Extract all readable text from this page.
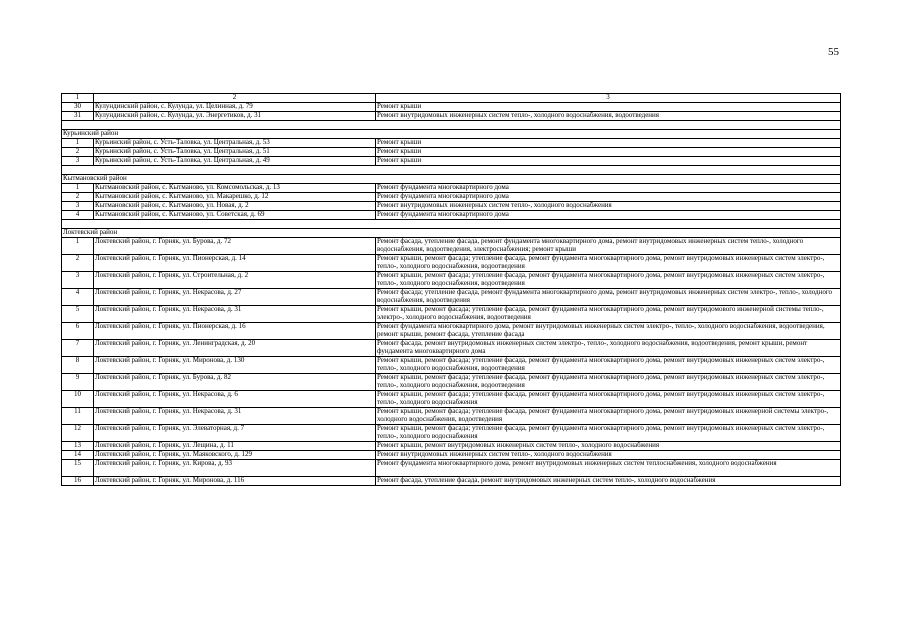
55
1	2	3
30	Кулундинский район, с. Кулунда, ул. Целинная, д. 79	Ремонт крыши
31	Кулундинский район, с. Кулунда, ул. Энергетиков, д. 31	Ремонт внутридомовых инженерных систем тепло-, холодного водоснабжения, водоотведения

Курьинский район		
1	Курьинский район, с. Усть-Таловка, ул. Центральная, д. 53	Ремонт крыши
2	Курьинский район, с. Усть-Таловка, ул. Центральная, д. 51	Ремонт крыши
3	Курьинский район, с. Усть-Таловка, ул. Центральная, д. 49	Ремонт крыши

Кытмановский район		
1	Кытмановский район, с. Кытманово, ул. Комсомольская, д. 13	Ремонт фундамента многоквартирного дома
2	Кытмановский район, с. Кытманово, ул. Макарешко, д. 12	Ремонт фундамента многоквартирного дома
3	Кытмановский район, с. Кытманово, ул. Новая, д. 2	Ремонт внутридомовых инженерных систем тепло-, холодного водоснабжения
4	Кытмановский район, с. Кытманово, ул. Советская, д. 69	Ремонт фундамента многоквартирного дома

Локтевский район		
1	Локтевский район, г. Горняк, ул. Бурова, д. 72	Ремонт фасада, утепление фасада, ремонт фундамента многоквартирного дома, ремонт внутридомовых инженерных систем тепло-, холодного водоснабжения, водоотведения, электроснабжения; ремонт крыши
2	Локтевский район, г. Горняк, ул. Пионерская, д. 14	Ремонт крыши, ремонт фасада; утепление фасада, ремонт фундамента многоквартирного дома, ремонт внутридомовых инженерных систем электро-, тепло-, холодного водоснабжения, водоотведения
3	Локтевский район, г. Горняк, ул. Строительная, д. 2	Ремонт крыши, ремонт фасада; утепление фасада, ремонт фундамента многоквартирного дома, ремонт внутридомовых инженерных систем электро-, тепло-, холодного водоснабжения, водоотведения
4	Локтевский район, г. Горняк, ул. Некрасова, д. 27	Ремонт фасада; утепление фасада, ремонт фундамента многоквартирного дома, ремонт внутридомовых инженерных систем электро-, тепло-, холодного водоснабжения, водоотведения
5	Локтевский район, г. Горняк, ул. Некрасова, д. 31	Ремонт крыши, ремонт фасада; утепление фасада, ремонт фундамента многоквартирного дома, ремонт внутридомового инженерной системы тепло-, электро-, холодного водоснабжения, водоотведения
6	Локтевский район, г. Горняк, ул. Пионерская, д. 16	Ремонт фундамента многоквартирного дома, ремонт внутридомовых инженерных систем электро-, тепло-, холодного водоснабжения, водоотведения, ремонт крыши, ремонт фасада, утепление фасада
7	Локтевский район, г. Горняк, ул. Ленинградская, д. 20	Ремонт фасада, ремонт внутридомовых инженерных систем электро-, тепло-, холодного водоснабжения, водоотведения, ремонт крыши, ремонт фундамента многоквартирного дома
8	Локтевский район, г. Горняк, ул. Миронова, д. 130	Ремонт крыши, ремонт фасада; утепление фасада, ремонт фундамента многоквартирного дома, ремонт внутридомовых инженерных систем электро-, тепло-, холодного водоснабжения, водоотведения
9	Локтевский район, г. Горняк, ул. Бурова, д. 82	Ремонт крыши, ремонт фасада; утепление фасада, ремонт фундамента многоквартирного дома, ремонт внутридомовых инженерных систем электро-, тепло-, холодного водоснабжения, водоотведения
10	Локтевский район, г. Горняк, ул. Некрасова, д. 6	Ремонт крыши, ремонт фасада; утепление фасада, ремонт фундамента многоквартирного дома, ремонт внутридомовых инженерных систем электро-, тепло-, холодного водоснабжения
11	Локтевский район, г. Горняк, ул. Некрасова, д. 31	Ремонт крыши, ремонт фасада; утепление фасада, ремонт фундамента многоквартирного дома, ремонт внутридомовых инженерной системы электро-, холодного водоснабжения, водоотведения
12	Локтевский район, г. Горняк, ул. Элеваторная, д. 7	Ремонт крыши, ремонт фасада; утепление фасада, ремонт фундамента многоквартирного дома, ремонт внутридомовых инженерных систем электро-, тепло-, холодного водоснабжения
13	Локтевский район, г. Горняк, ул. Лещина, д. 11	Ремонт крыши, ремонт внутридомовых инженерных систем тепло-, холодного водоснабжения
14	Локтевский район, г. Горняк, ул. Маяковского, д. 129	Ремонт внутридомовых инженерных систем тепло-, холодного водоснабжения
15	Локтевский район, г. Горняк, ул. Кирова, д. 93	Ремонт фундамента многоквартирного дома, ремонт внутридомовых инженерных систем теплоснабжения, холодного водоснабжения
16	Локтевский район, г. Горняк, ул. Миронова, д. 116	Ремонт фасада, утепление фасада, ремонт внутридомовых инженерных систем тепло-, холодного водоснабжения
